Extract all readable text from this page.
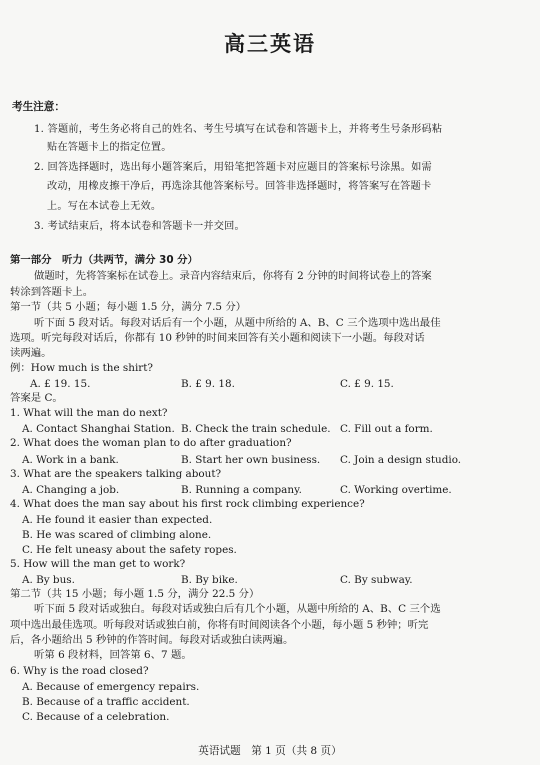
高三英语
考生注意：
1. 答题前，考生务必将自己的姓名、考生号填写在试卷和答题卡上，并将考生号条形码粘
贴在答题卡上的指定位置。
2. 回答选择题时，选出每小题答案后，用铅笔把答题卡对应题目的答案标号涂黑。如需
改动，用橡皮擦干净后，再选涂其他答案标号。回答非选择题时，将答案写在答题卡
上。写在本试卷上无效。
3. 考试结束后，将本试卷和答题卡一并交回。
第一部分　听力（共两节，满分 30 分）
做题时，先将答案标在试卷上。录音内容结束后，你将有 2 分钟的时间将试卷上的答案
转涂到答题卡上。
第一节（共 5 小题；每小题 1.5 分，满分 7.5 分）
听下面 5 段对话。每段对话后有一个小题，从题中所给的 A、B、C 三个选项中选出最佳
选项。听完每段对话后，你都有 10 秒钟的时间来回答有关小题和阅读下一小题。每段对话
读两遍。
例：How much is the shirt?
A. £ 19. 15.	B. £ 9. 18.	C. £ 9. 15.
答案是 C。
1. What will the man do next?
A. Contact Shanghai Station. B. Check the train schedule. C. Fill out a form.
2. What does the woman plan to do after graduation?
A. Work in a bank.	B. Start her own business. C. Join a design studio.
3. What are the speakers talking about?
A. Changing a job.	B. Running a company.	C. Working overtime.
4. What does the man say about his first rock climbing experience?
A. He found it easier than expected.
B. He was scared of climbing alone.
C. He felt uneasy about the safety ropes.
5. How will the man get to work?
A. By bus.	B. By bike.	C. By subway.
第二节（共 15 小题；每小题 1.5 分，满分 22.5 分）
听下面 5 段对话或独白。每段对话或独白后有几个小题，从题中所给的 A、B、C 三个选
项中选出最佳选项。听每段对话或独白前，你将有时间阅读各个小题，每小题 5 秒钟；听完
后，各小题给出 5 秒钟的作答时间。每段对话或独白读两遍。
听第 6 段材料，回答第 6、7 题。
6. Why is the road closed?
A. Because of emergency repairs.
B. Because of a traffic accident.
C. Because of a celebration.
英语试题　第 1 页（共 8 页）
